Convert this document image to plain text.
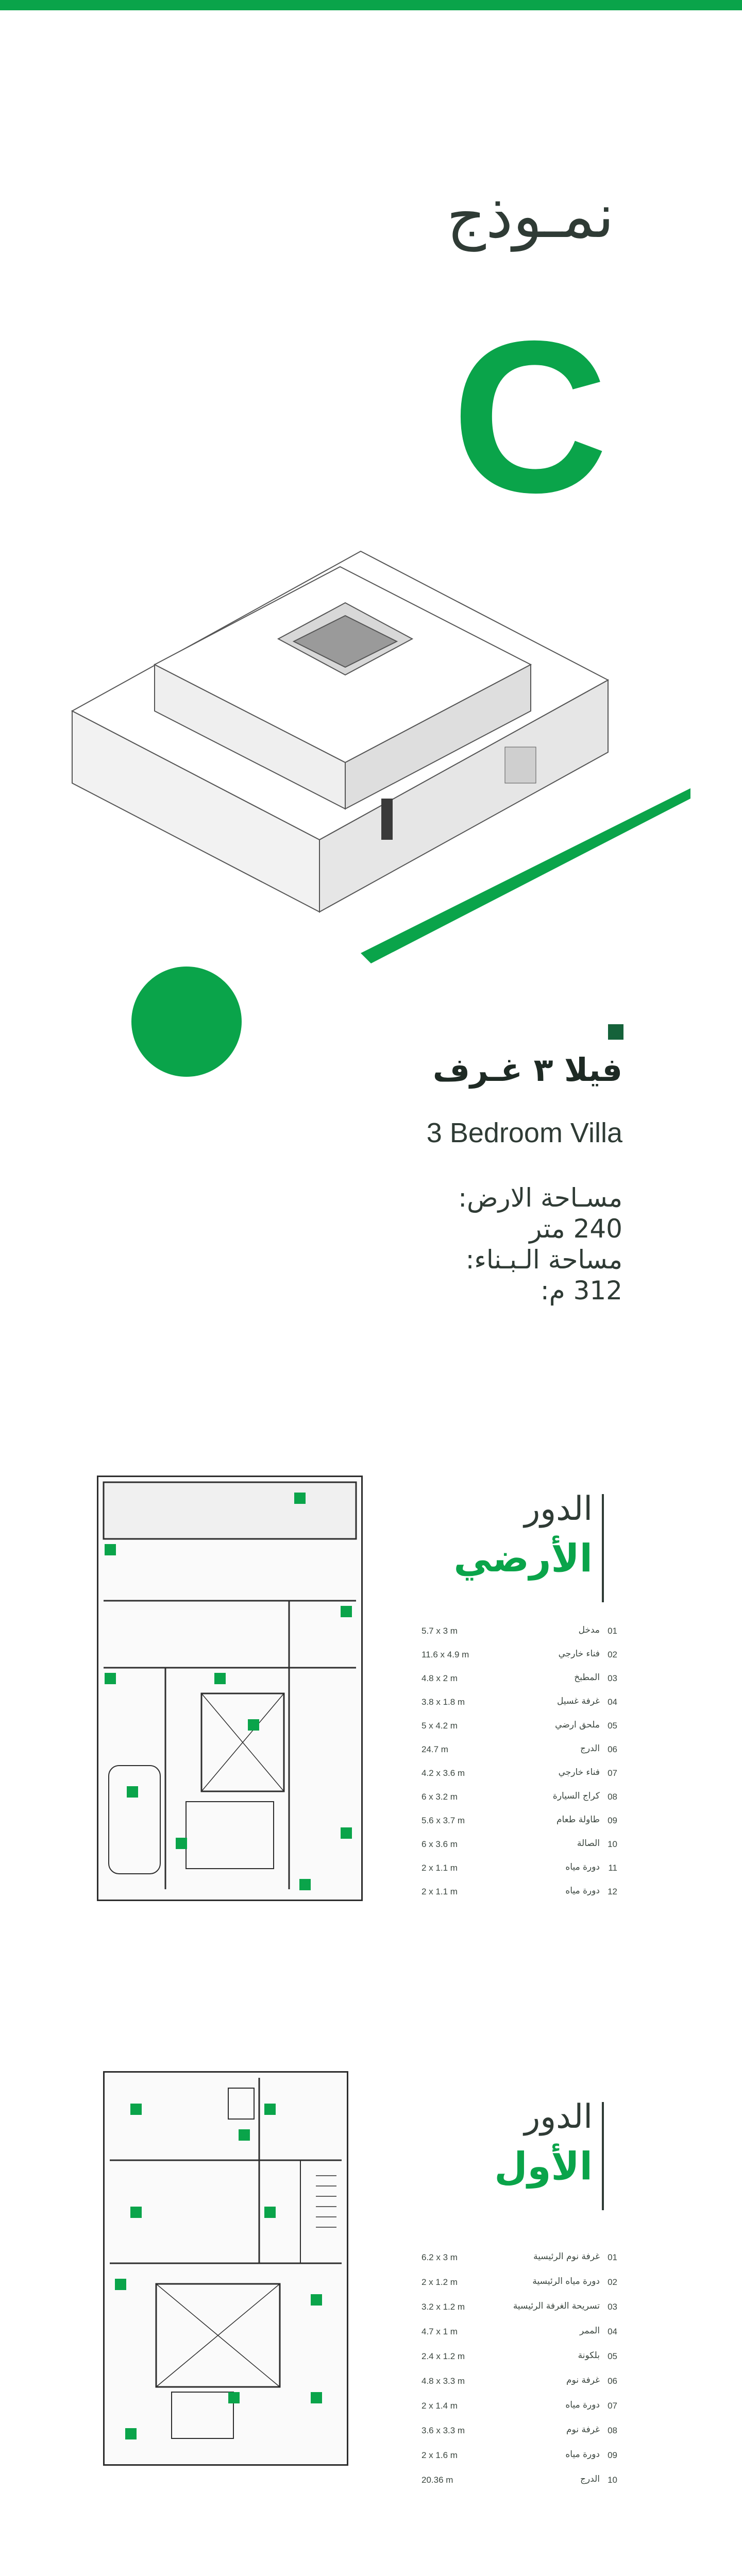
نمـوذج
C
فيلا ٣ غـرف
3 Bedroom Villa
مسـاحة الارض:
240 متر
مساحة الـبـناء:
312 م:
الدور
الأرضي
5.7 x 3 m	مدخل 01
11.6 x 4.9 m	فناء خارجي 02
4.8 x 2 m	المطبخ 03
3.8 x 1.8 m	غرفة غسيل 04
5 x 4.2 m	ملحق ارضي 05
24.7 m	الدرج 06
4.2 x 3.6 m	فناء خارجي 07
6 x 3.2 m	كراج السيارة 08
5.6 x 3.7 m	طاولة طعام 09
6 x 3.6 m	الصالة 10
2 x 1.1 m	دورة مياه 11
2 x 1.1 m	دورة مياه 12
الدور
الأول
6.2 x 3 m	غرفة نوم الرئيسية 01
2 x 1.2 m	دورة مياه الرئيسية 02
3.2 x 1.2 m	تسريحة الغرفة الرئيسية 03
4.7 x 1 m	الممر 04
2.4 x 1.2 m	بلكونة 05
4.8 x 3.3 m	غرفة نوم 06
2 x 1.4 m	دورة مياه 07
3.6 x 3.3 m	غرفة نوم 08
2 x 1.6 m	دورة مياه 09
20.36 m	الدرج 10
